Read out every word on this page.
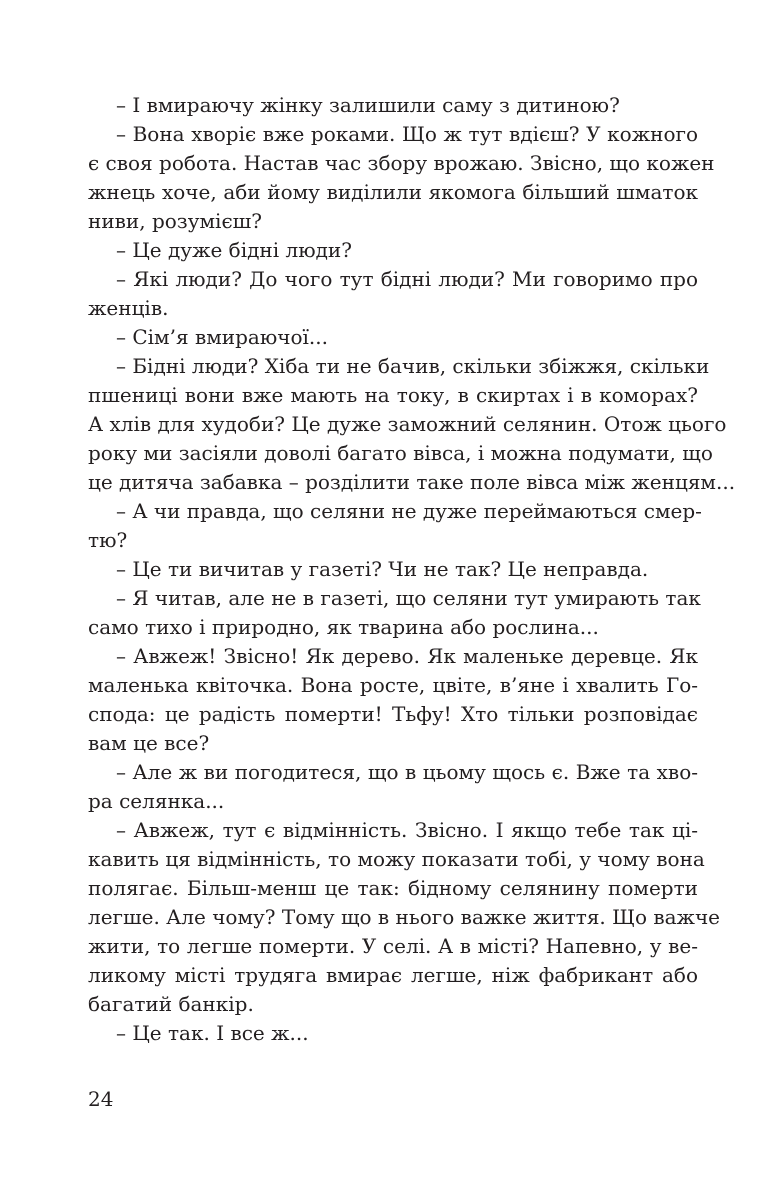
– І вмираючу жінку залишили саму з дитиною?
– Вона хворіє вже роками. Що ж тут вдієш? У кожного
є своя робота. Настав час збору врожаю. Звісно, що кожен
жнець хоче, аби йому виділили якомога більший шматок
ниви, розумієш?
– Це дуже бідні люди?
– Які люди? До чого тут бідні люди? Ми говоримо про
женців.
– Сім’я вмираючої...
– Бідні люди? Хіба ти не бачив, скільки збіжжя, скільки
пшениці вони вже мають на току, в скиртах і в коморах?
А хлів для худоби? Це дуже заможний селянин. Отож цього
року ми засіяли доволі багато вівса, і можна подумати, що
це дитяча забавка – розділити таке поле вівса між женцям...
– А чи правда, що селяни не дуже переймаються смер-
тю?
– Це ти вичитав у газеті? Чи не так? Це неправда.
– Я читав, але не в газеті, що селяни тут умирають так
само тихо і природно, як тварина або рослина...
– Авжеж! Звісно! Як дерево. Як маленьке деревце. Як
маленька квіточка. Вона росте, цвіте, в’яне і хвалить Го-
спода: це радість померти! Тьфу! Хто тільки розповідає
вам це все?
– Але ж ви погодитеся, що в цьому щось є. Вже та хво-
ра селянка...
– Авжеж, тут є відмінність. Звісно. І якщо тебе так ці-
кавить ця відмінність, то можу показати тобі, у чому вона
полягає. Більш-менш це так: бідному селянину померти
легше. Але чому? Тому що в нього важке життя. Що важче
жити, то легше померти. У селі. А в місті? Напевно, у ве-
ликому місті трудяга вмирає легше, ніж фабрикант або
багатий банкір.
– Це так. І все ж...
24
